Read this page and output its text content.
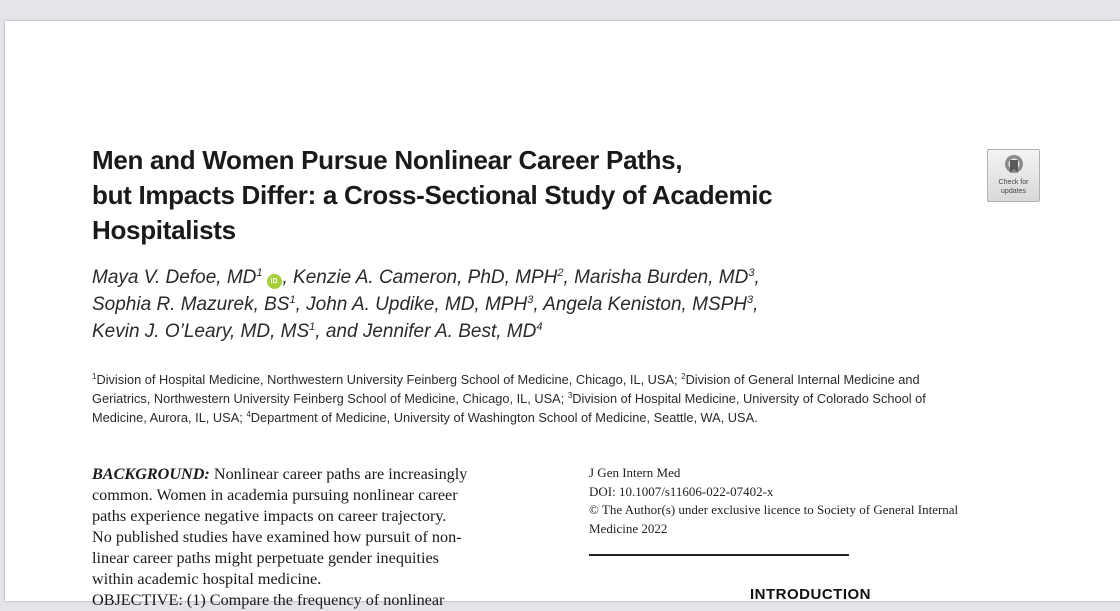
Men and Women Pursue Nonlinear Career Paths,
but Impacts Differ: a Cross-Sectional Study of Academic
Hospitalists
Check for
updates
Maya V. Defoe, $MD^1iD$ , Kenzie A. Cameron, PhD, MPH$^2$, Marisha Burden, $MD^3$,
Sophia R. Mazurek, $BS^1$, John A. Updike, MD, MPH$^3$, Angela Keniston, MSPH$^3$,
Kevin J. O’Leary, MD, $MS^1$, and Jennifer A. Best, $MD^4$
$^1$Division of Hospital Medicine, Northwestern University Feinberg School of Medicine, Chicago, IL, USA; $^2$Division of General Internal Medicine and
Geriatrics, Northwestern University Feinberg School of Medicine, Chicago, IL, USA; $^3$Division of Hospital Medicine, University of Colorado School of
Medicine, Aurora, IL, USA; $^4$Department of Medicine, University of Washington School of Medicine, Seattle, WA, USA.
BACKGROUND: Nonlinear career paths are increasingly
common. Women in academia pursuing nonlinear career
paths experience negative impacts on career trajectory.
No published studies have examined how pursuit of non-
linear career paths might perpetuate gender inequities
within academic hospital medicine.
OBJECTIVE: (1) Compare the frequency of nonlinear
J Gen Intern Med
DOI: 10.1007/s11606-022-07402-x
© The Author(s) under exclusive licence to Society of General Internal
Medicine 2022
INTRODUCTION
